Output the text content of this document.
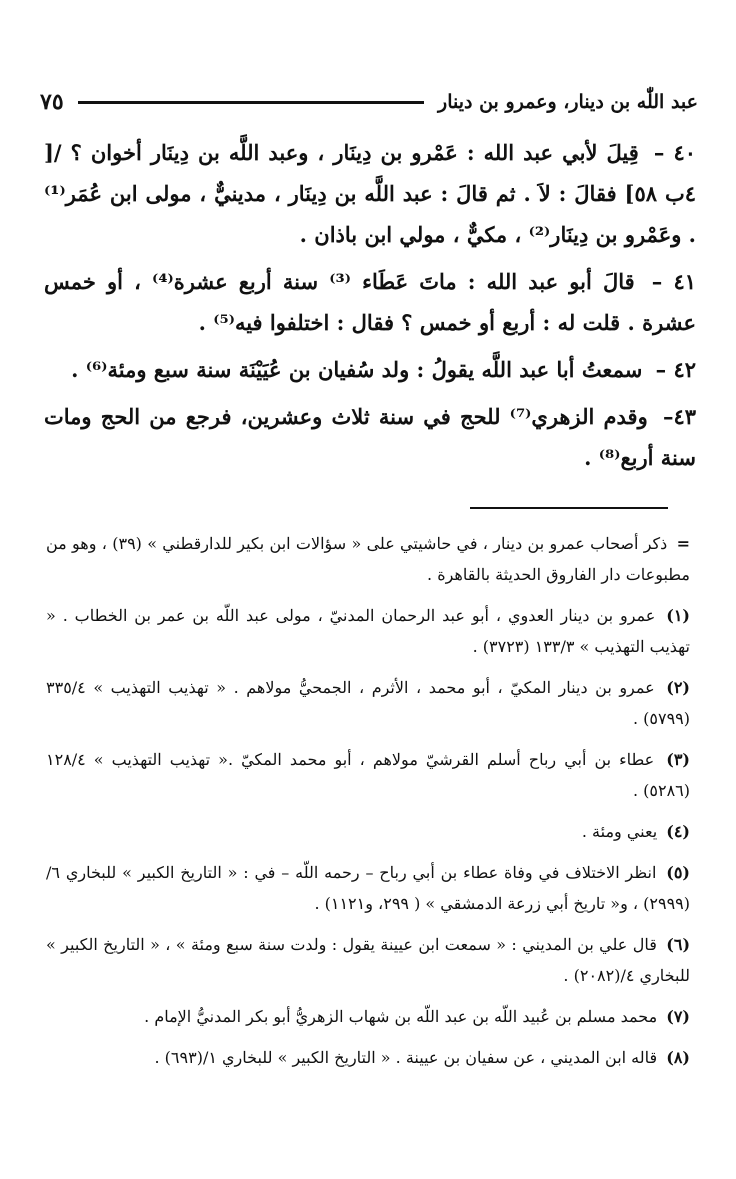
عبد اللّٰه بن دينار، وعمرو بن دينار
٧٥

٤٠ – قِيلَ لأبي عبد الله : عَمْرو بن دِينَار ، وعبد اللَّه بن دِينَار أخوان ؟ /[ ٤ب ٥٨] فقالَ : لاَ . ثم قالَ : عبد اللَّه بن دِينَار ، مدينيٌّ ، مولى ابن عُمَر⁽¹⁾ . وعَمْرو بن دِينَار⁽²⁾ ، مكيٌّ ، مولي ابن باذان .

٤١ – قالَ أبو عبد الله : ماتَ عَطَاء ⁽³⁾ سنة أربع عشرة⁽⁴⁾ ، أو خمس عشرة . قلت له : أربع أو خمس ؟ فقال : اختلفوا فيه⁽⁵⁾ .

٤٢ – سمعتُ أبا عبد اللَّه يقولُ : ولد سُفيان بن عُيَيْنَة سنة سبع ومئة⁽⁶⁾ .

٤٣– وقدم الزهري⁽⁷⁾ للحج في سنة ثلاث وعشرين، فرجع من الحج ومات سنة أربع⁽⁸⁾ .

= ذكر أصحاب عمرو بن دينار ، في حاشيتي على « سؤالات ابن بكير للدارقطني » (٣٩) ، وهو من مطبوعات دار الفاروق الحديثة بالقاهرة .

(١) عمرو بن دينار العدوي ، أبو عبد الرحمان المدنيّ ، مولى عبد اللّه بن عمر بن الخطاب . « تهذيب التهذيب » ١٣٣/٣ (٣٧٢٣) .

(٢) عمرو بن دينار المكيّ ، أبو محمد ، الأثرم ، الجمحيُّ مولاهم . « تهذيب التهذيب » ٣٣٥/٤ (٥٧٩٩) .

(٣) عطاء بن أبي رباح أسلم القرشيّ مولاهم ، أبو محمد المكيّ .« تهذيب التهذيب » ١٢٨/٤ (٥٢٨٦) .

(٤) يعني ومئة .

(٥) انظر الاختلاف في وفاة عطاء بن أبي رباح – رحمه اللّه – في : « التاريخ الكبير » للبخاري ٦/ (٢٩٩٩) ، و« تاريخ أبي زرعة الدمشقي » ( ٢٩٩، و١١٢١) .

(٦) قال علي بن المديني : « سمعت ابن عيينة يقول : ولدت سنة سبع ومئة » ، « التاريخ الكبير » للبخاري ٤/(٢٠٨٢) .

(٧) محمد مسلم بن عُبيد اللّه بن عبد اللّه بن شهاب الزهريُّ أبو بكر المدنيُّ الإمام .

(٨) قاله ابن المديني ، عن سفيان بن عيينة . « التاريخ الكبير » للبخاري ١/(٦٩٣) .
